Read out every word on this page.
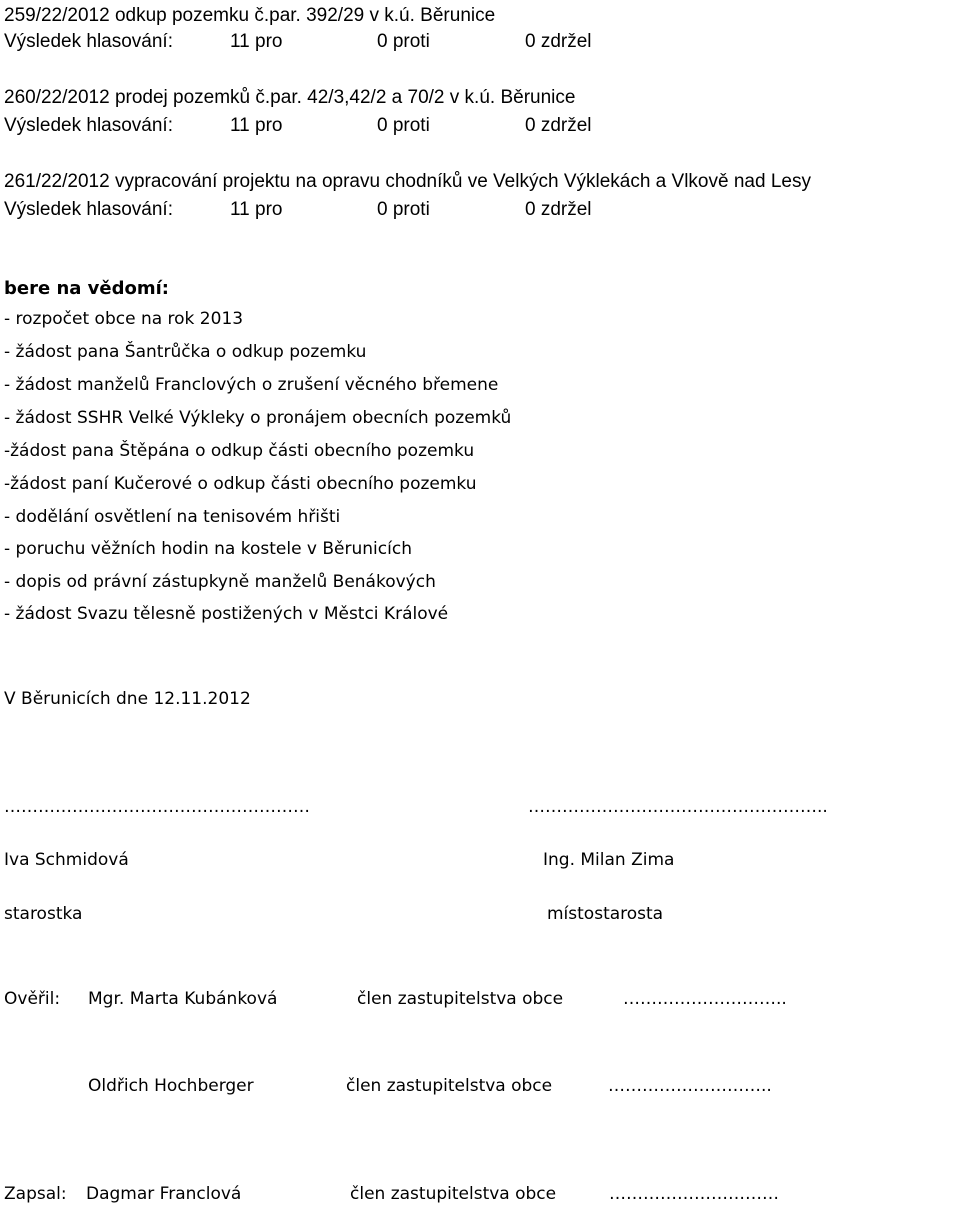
259/22/2012 odkup pozemku č.par. 392/29 v k.ú. Běrunice
Výsledek hlasování:	11 pro	0 proti	0 zdržel
260/22/2012 prodej pozemků č.par. 42/3,42/2 a 70/2 v k.ú. Běrunice
Výsledek hlasování:	11 pro	0 proti	0 zdržel
261/22/2012 vypracování projektu na opravu chodníků ve Velkých Výklekách a Vlkově nad Lesy
Výsledek hlasování:	11 pro	0 proti	0 zdržel
bere na vědomí:
- rozpočet obce na rok 2013
- žádost pana Šantrůčka o odkup pozemku
- žádost manželů Franclových o zrušení věcného břemene
- žádost SSHR Velké Výkleky o pronájem obecních pozemků
-žádost pana Štěpána o odkup části obecního pozemku
-žádost paní Kučerové o odkup části obecního pozemku
- dodělání osvětlení na tenisovém hřišti
- poruchu věžních hodin na kostele v Běrunicích
- dopis od právní zástupkyně manželů Benákových
- žádost Svazu tělesně postižených v Městci Králové
V Běrunicích dne 12.11.2012
………………………………………………
Iva Schmidová
starostka
……………………………………………..
Ing. Milan Zima
místostarosta
Ověřil: Mgr. Marta Kubánková	člen zastupitelstva obce	………………………..
Oldřich Hochberger	člen zastupitelstva obce	………………………..
Zapsal: Dagmar Franclová	člen zastupitelstva obce	…………………………
